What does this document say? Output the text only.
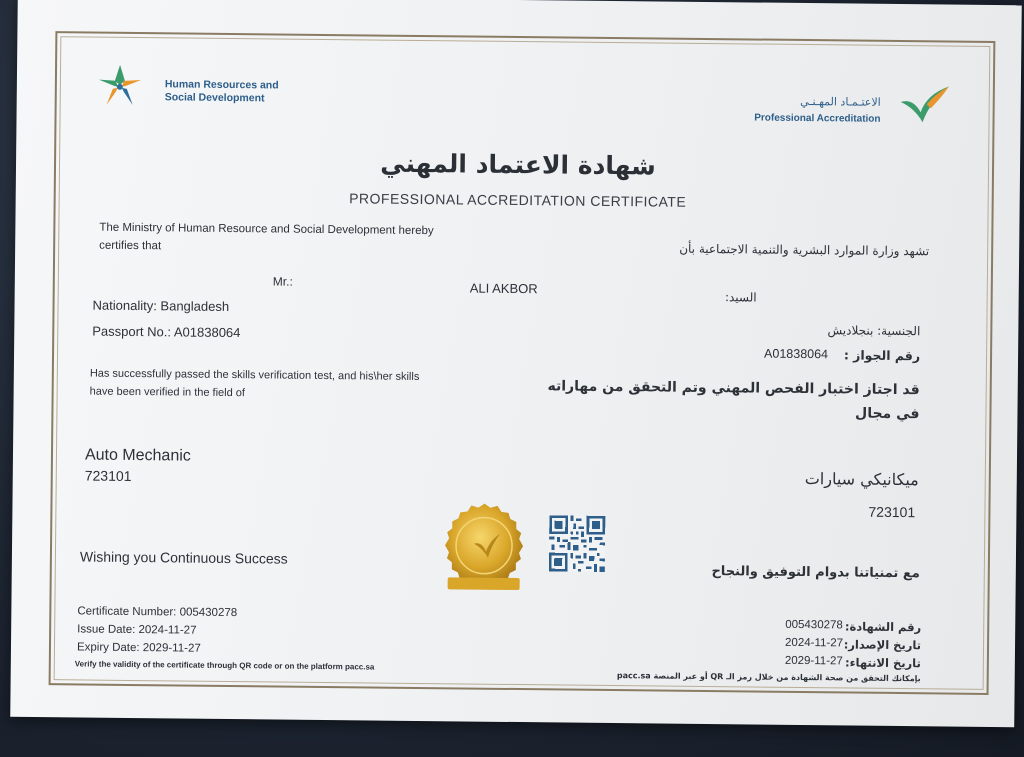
Human Resources and
Social Development	الاعتـمـاد المهـنـي
Professional Accreditation
شهادة الاعتماد المهني
PROFESSIONAL ACCREDITATION CERTIFICATE
The Ministry of Human Resource and Social Development hereby
certifies that	تشهد وزارة الموارد البشرية والتنمية الاجتماعية بأن
Mr.:	ALI AKBOR
السيد:
Nationality: Bangladesh
Passport No.: A01838064	الجنسية: بنجلاديش
رقم الجواز :
A01838064
Has successfully passed the skills verification test, and his\her skills
have been verified in the field of	قد اجتاز اختبار الفحص المهني وتم التحقق من مهاراته
في مجال
Auto Mechanic
723101	ميكانيكي سيارات
723101
Wishing you Continuous Success
مع تمنياتنا بدوام التوفيق والنجاح
Certificate Number: 005430278
Issue Date: 2024-11-27
Expiry Date: 2029-11-27
Verify the validity of the certificate through QR code or on the platform pacc.sa
رقم الشهادة:
005430278
تاريخ الإصدار:
2024-11-27
تاريخ الانتهاء:
2029-11-27
بإمكانك التحقق من صحة الشهادة من خلال رمز الـ QR أو عبر المنصة pacc.sa
